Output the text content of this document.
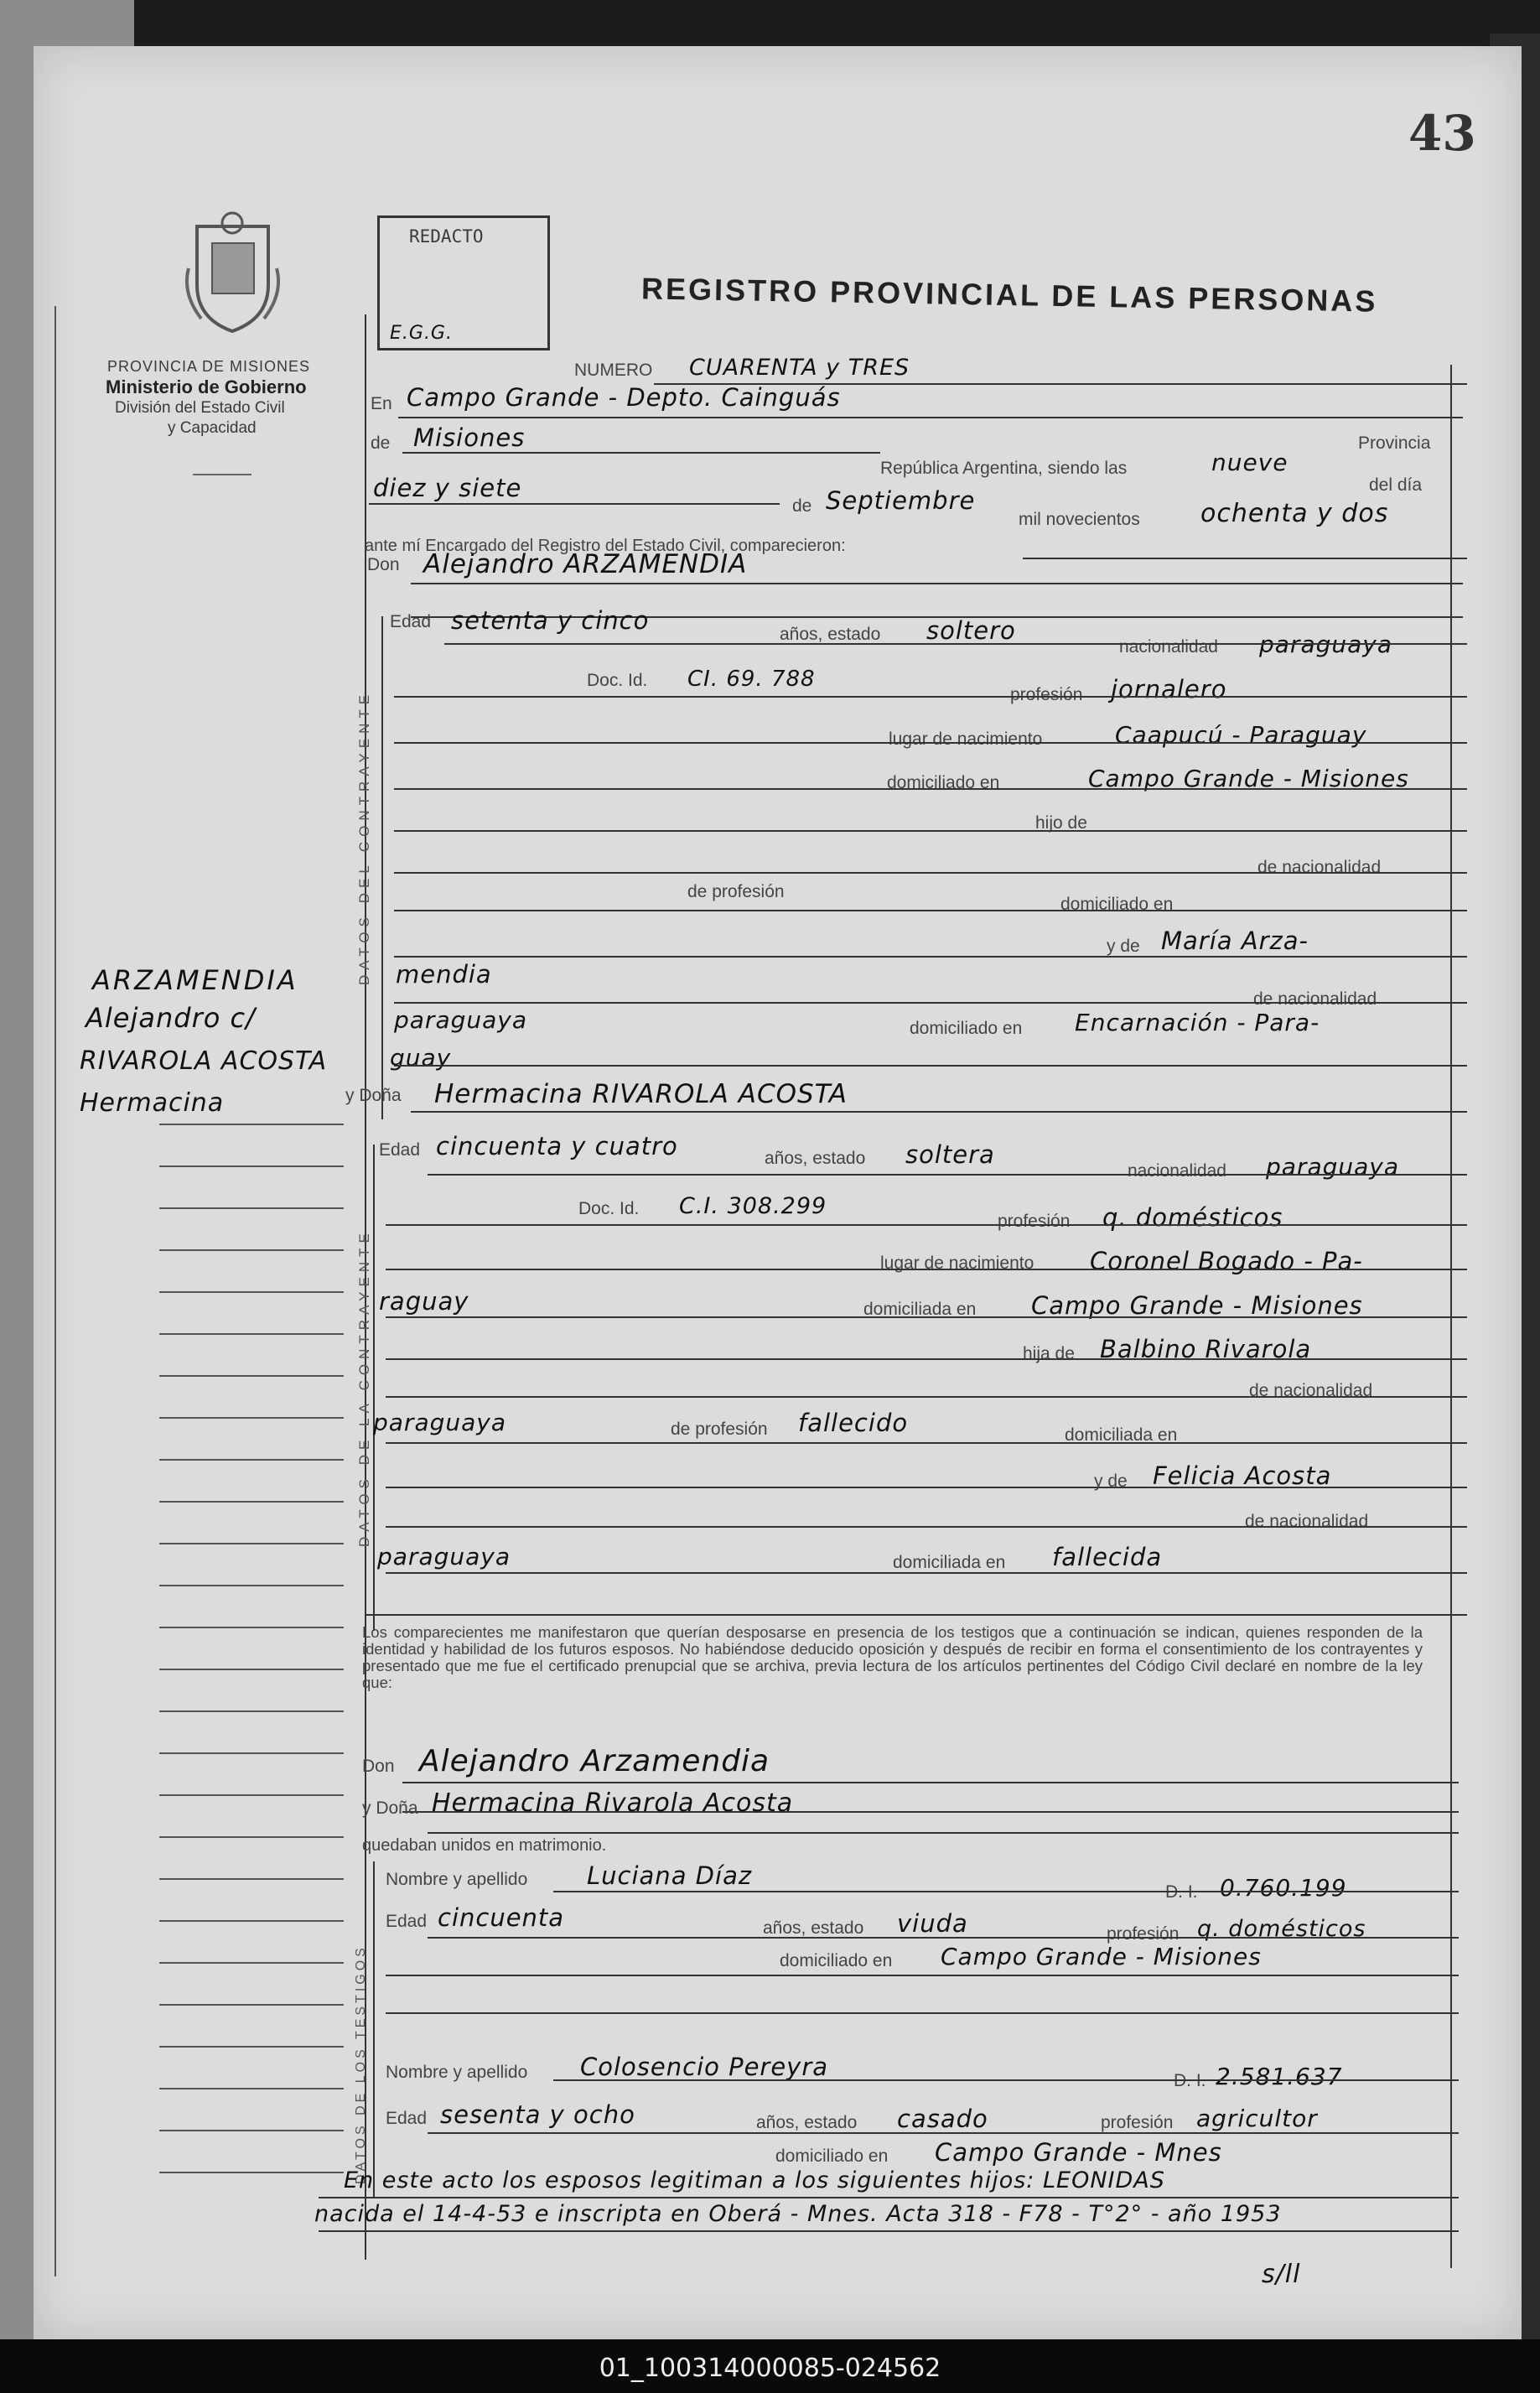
43
PROVINCIA DE MISIONES
Ministerio de Gobierno
División del Estado Civil
y Capacidad
REDACTO
E.G.G.
REGISTRO PROVINCIAL DE LAS PERSONAS
NUMERO CUARENTA y TRES
En Campo Grande - Depto. Cainguás
de Misiones
República Argentina, siendo las	nueve
Provincia
del día
diez y siete
de Septiembre
mil novecientos ochenta y dos
ante mí Encargado del Registro del Estado Civil, comparecieron:
Don Alejandro ARZAMENDIA
DATOS DEL CONTRAYENTE
Edad setenta y cinco	años, estado soltero
nacionalidad paraguaya
Doc. Id. CI. 69. 788
profesión jornalero
lugar de nacimiento	Caapucú - Paraguay
domiciliado en	Campo Grande - Misiones
hijo de
de nacionalidad
de profesión
domiciliado en
y de María Arza-
mendia
de nacionalidad
paraguaya	domiciliado en Encarnación - Para-
guay
y Doña Hermacina RIVAROLA ACOSTA
DATOS DE LA CONTRAYENTE
Edad cincuenta y cuatro	años, estado soltera
nacionalidad paraguaya
Doc. Id. C.I. 308.299
profesión q. domésticos
lugar de nacimiento Coronel Bogado - Pa-
raguay	domiciliada en Campo Grande - Misiones
hija de Balbino Rivarola
de nacionalidad
paraguaya	de profesión fallecido	domiciliada en
y de Felicia Acosta
de nacionalidad
paraguaya	domiciliada en fallecida
Los comparecientes me manifestaron que querían desposarse en presencia de los testigos que a continuación se indican, quienes responden de la identidad y habilidad de los futuros esposos. No habiéndose deducido oposición y después de recibir en forma el consentimiento de los contrayentes y presentado que me fue el certificado prenupcial que se archiva, previa lectura de los artículos pertinentes del Código Civil declaré en nombre de la ley que:
Don Alejandro Arzamendia
y Doña Hermacina Rivarola Acosta
quedaban unidos en matrimonio.
DATOS DE LOS TESTIGOS
Nombre y apellido Luciana Díaz
D. I. 0.760.199
Edad cincuenta	años, estado viuda	profesión q. domésticos
domiciliado en Campo Grande - Misiones
Nombre y apellido Colosencio Pereyra	D. I. 2.581.637
Edad sesenta y ocho	años, estado casado	profesión agricultor
domiciliado en Campo Grande - Mnes
En este acto los esposos legitiman a los siguientes hijos: LEONIDAS
nacida el 14-4-53 e inscripta en Oberá - Mnes. Acta 318 - F78 - T°2° - año 1953
s/ll
ARZAMENDIA
Alejandro c/
RIVAROLA ACOSTA
Hermacina
01_100314000085-024562
